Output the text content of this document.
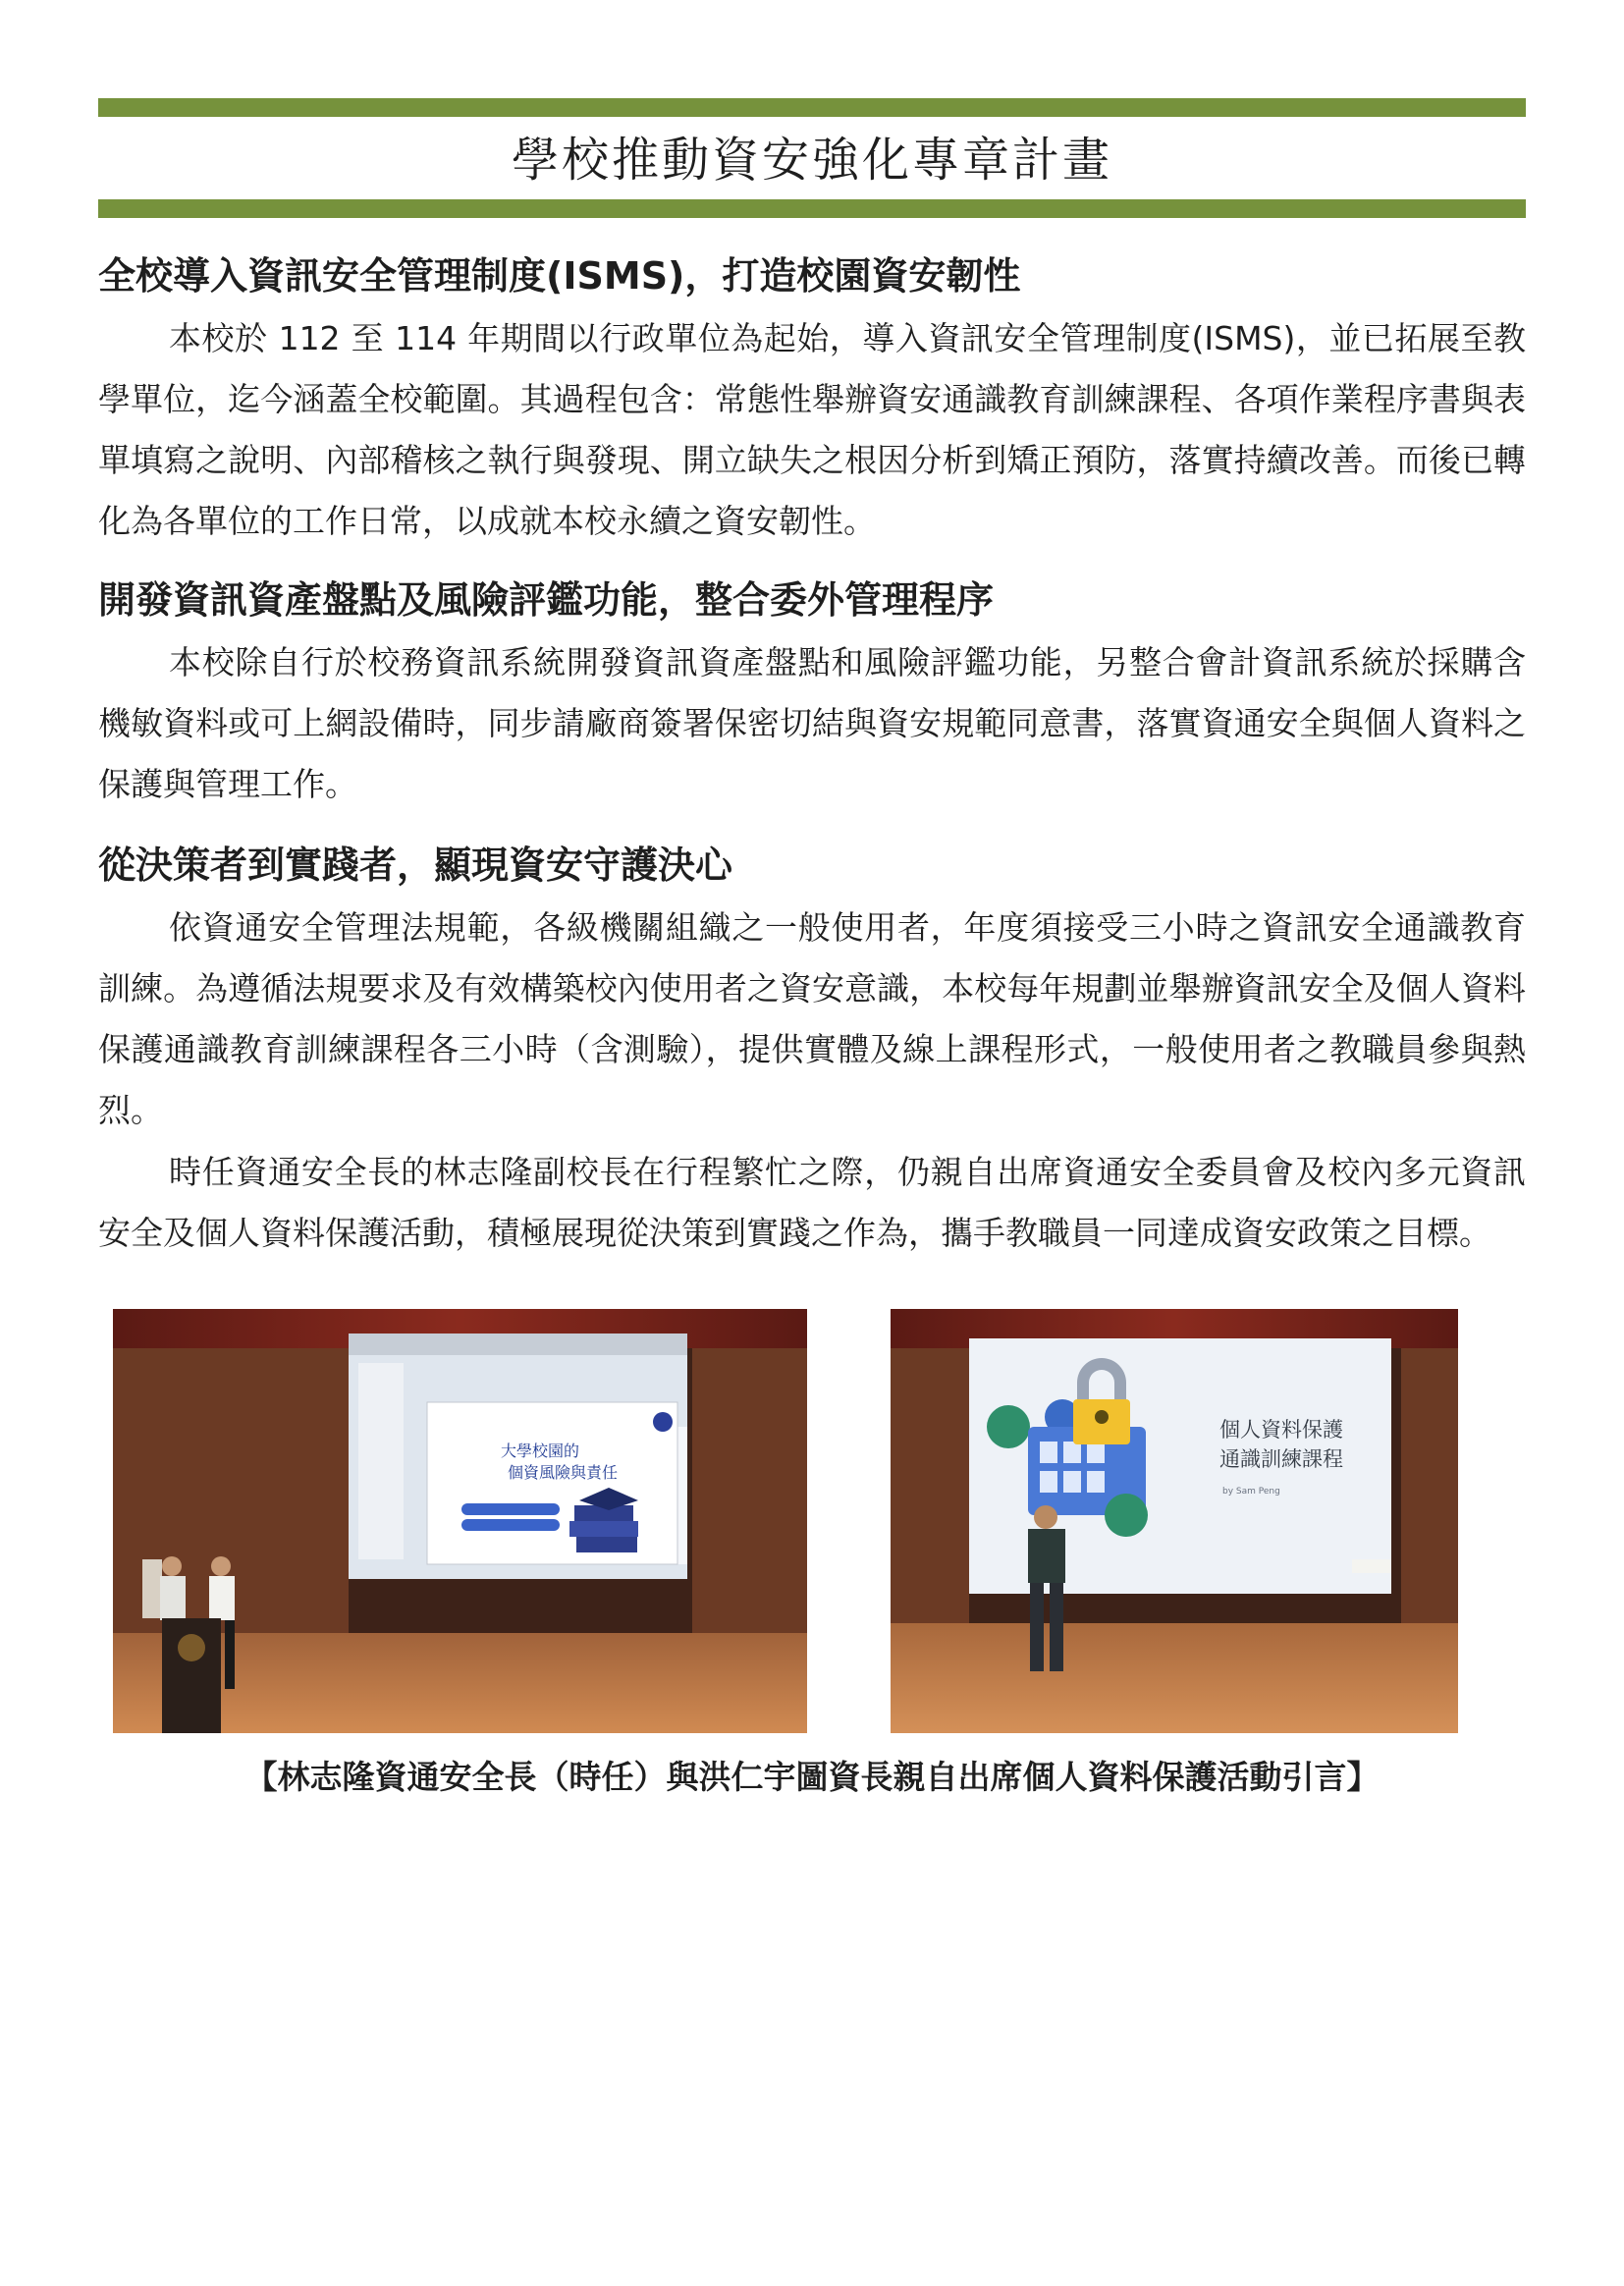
學校推動資安強化專章計畫
全校導入資訊安全管理制度(ISMS)，打造校園資安韌性

本校於 112 至 114 年期間以行政單位為起始，導入資訊安全管理制度(ISMS)，並已拓展至教學單位，迄今涵蓋全校範圍。其過程包含：常態性舉辦資安通識教育訓練課程、各項作業程序書與表單填寫之說明、內部稽核之執行與發現、開立缺失之根因分析到矯正預防，落實持續改善。而後已轉化為各單位的工作日常，以成就本校永續之資安韌性。

開發資訊資產盤點及風險評鑑功能，整合委外管理程序

本校除自行於校務資訊系統開發資訊資產盤點和風險評鑑功能，另整合會計資訊系統於採購含機敏資料或可上網設備時，同步請廠商簽署保密切結與資安規範同意書，落實資通安全與個人資料之保護與管理工作。

從決策者到實踐者，顯現資安守護決心

依資通安全管理法規範，各級機關組織之一般使用者，年度須接受三小時之資訊安全通識教育訓練。為遵循法規要求及有效構築校內使用者之資安意識，本校每年規劃並舉辦資訊安全及個人資料保護通識教育訓練課程各三小時（含測驗），提供實體及線上課程形式，一般使用者之教職員參與熱烈。

時任資通安全長的林志隆副校長在行程繁忙之際，仍親自出席資通安全委員會及校內多元資訊安全及個人資料保護活動，積極展現從決策到實踐之作為，攜手教職員一同達成資安政策之目標。

大學校園的
個資風險與責任
個人資料保護
通識訓練課程
by Sam Peng

【林志隆資通安全長（時任）與洪仁宇圖資長親自出席個人資料保護活動引言】
